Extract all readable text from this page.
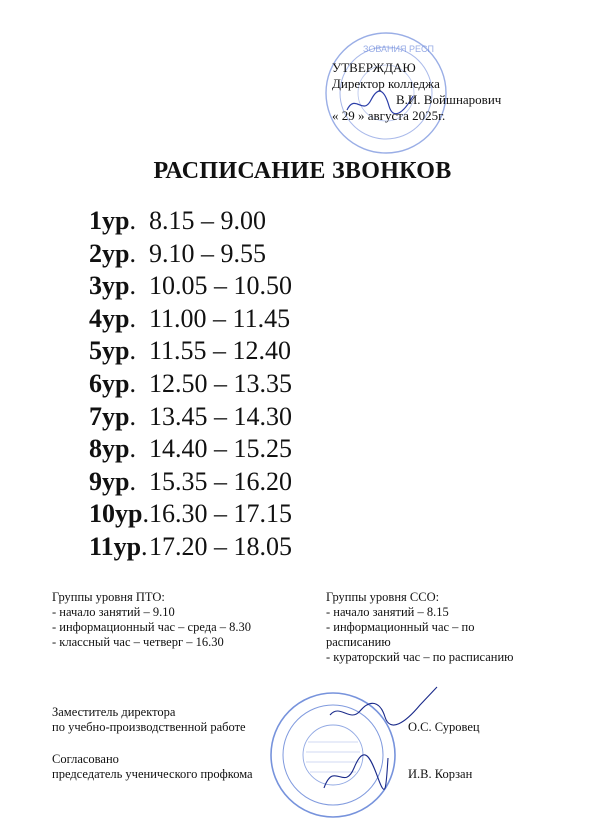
ЗОВАНИЯ РЕСП
УТВЕРЖДАЮ
Директор колледжа
В.И. Войшнарович
« 29 » августа 2025г.
РАСПИСАНИЕ ЗВОНКОВ
1ур. 8.15 – 9.00
2ур. 9.10 – 9.55
3ур. 10.05 – 10.50
4ур. 11.00 – 11.45
5ур. 11.55 – 12.40
6ур. 12.50 – 13.35
7ур. 13.45 – 14.30
8ур. 14.40 – 15.25
9ур. 15.35 – 16.20
10ур.16.30 – 17.15
11ур.17.20 – 18.05
Группы уровня ПТО:
- начало занятий – 9.10
- информационный час – среда – 8.30
- классный час – четверг – 16.30
Группы уровня ССО:
- начало занятий – 8.15
- информационный час – по
расписанию
- кураторский час – по расписанию
Заместитель директора
по учебно-производственной работе	О.С. Суровец
Согласовано
председатель ученического профкома	И.В. Корзан
